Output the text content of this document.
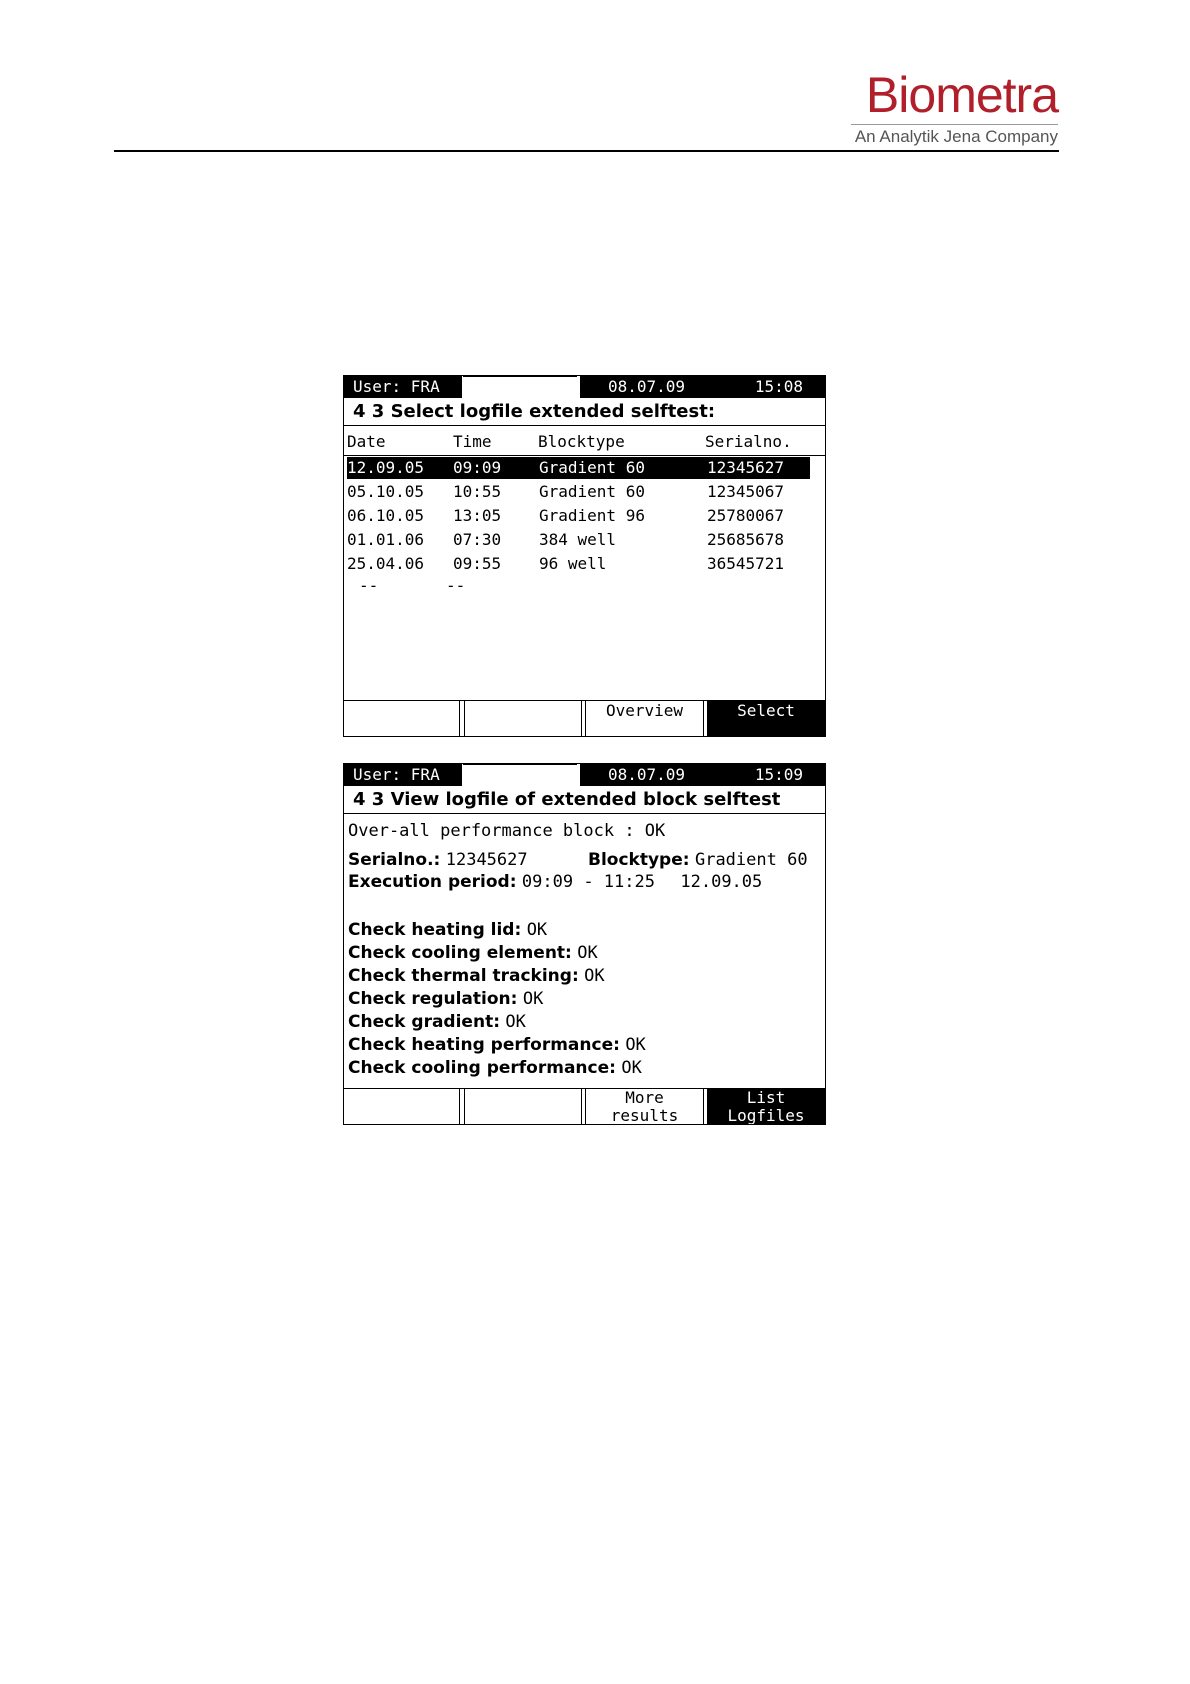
Biometra
An Analytik Jena Company
User: FRA	08.07.09	15:08
4 3 Select logfile extended selftest:
Date	Time	Blocktype	Serialno.
12.09.05 09:09 Gradient 60	12345627
05.10.05 10:55 Gradient 60	12345067
06.10.05 13:05 Gradient 96	25780067
01.01.06 07:30 384 well	25685678
25.04.06 09:55 96 well	36545721
--	--
Overview	Select
User: FRA	08.07.09	15:09
4 3 View logfile of extended block selftest
Over-all performance block : OK
Serialno.: 12345627	Blocktype: Gradient 60
Execution period: 09:09 - 11:25 12.09.05
Check heating lid: OK
Check cooling element: OK
Check thermal tracking: OK
Check regulation: OK
Check gradient: OK
Check heating performance: OK
Check cooling performance: OK
More
results
List
Logfiles
